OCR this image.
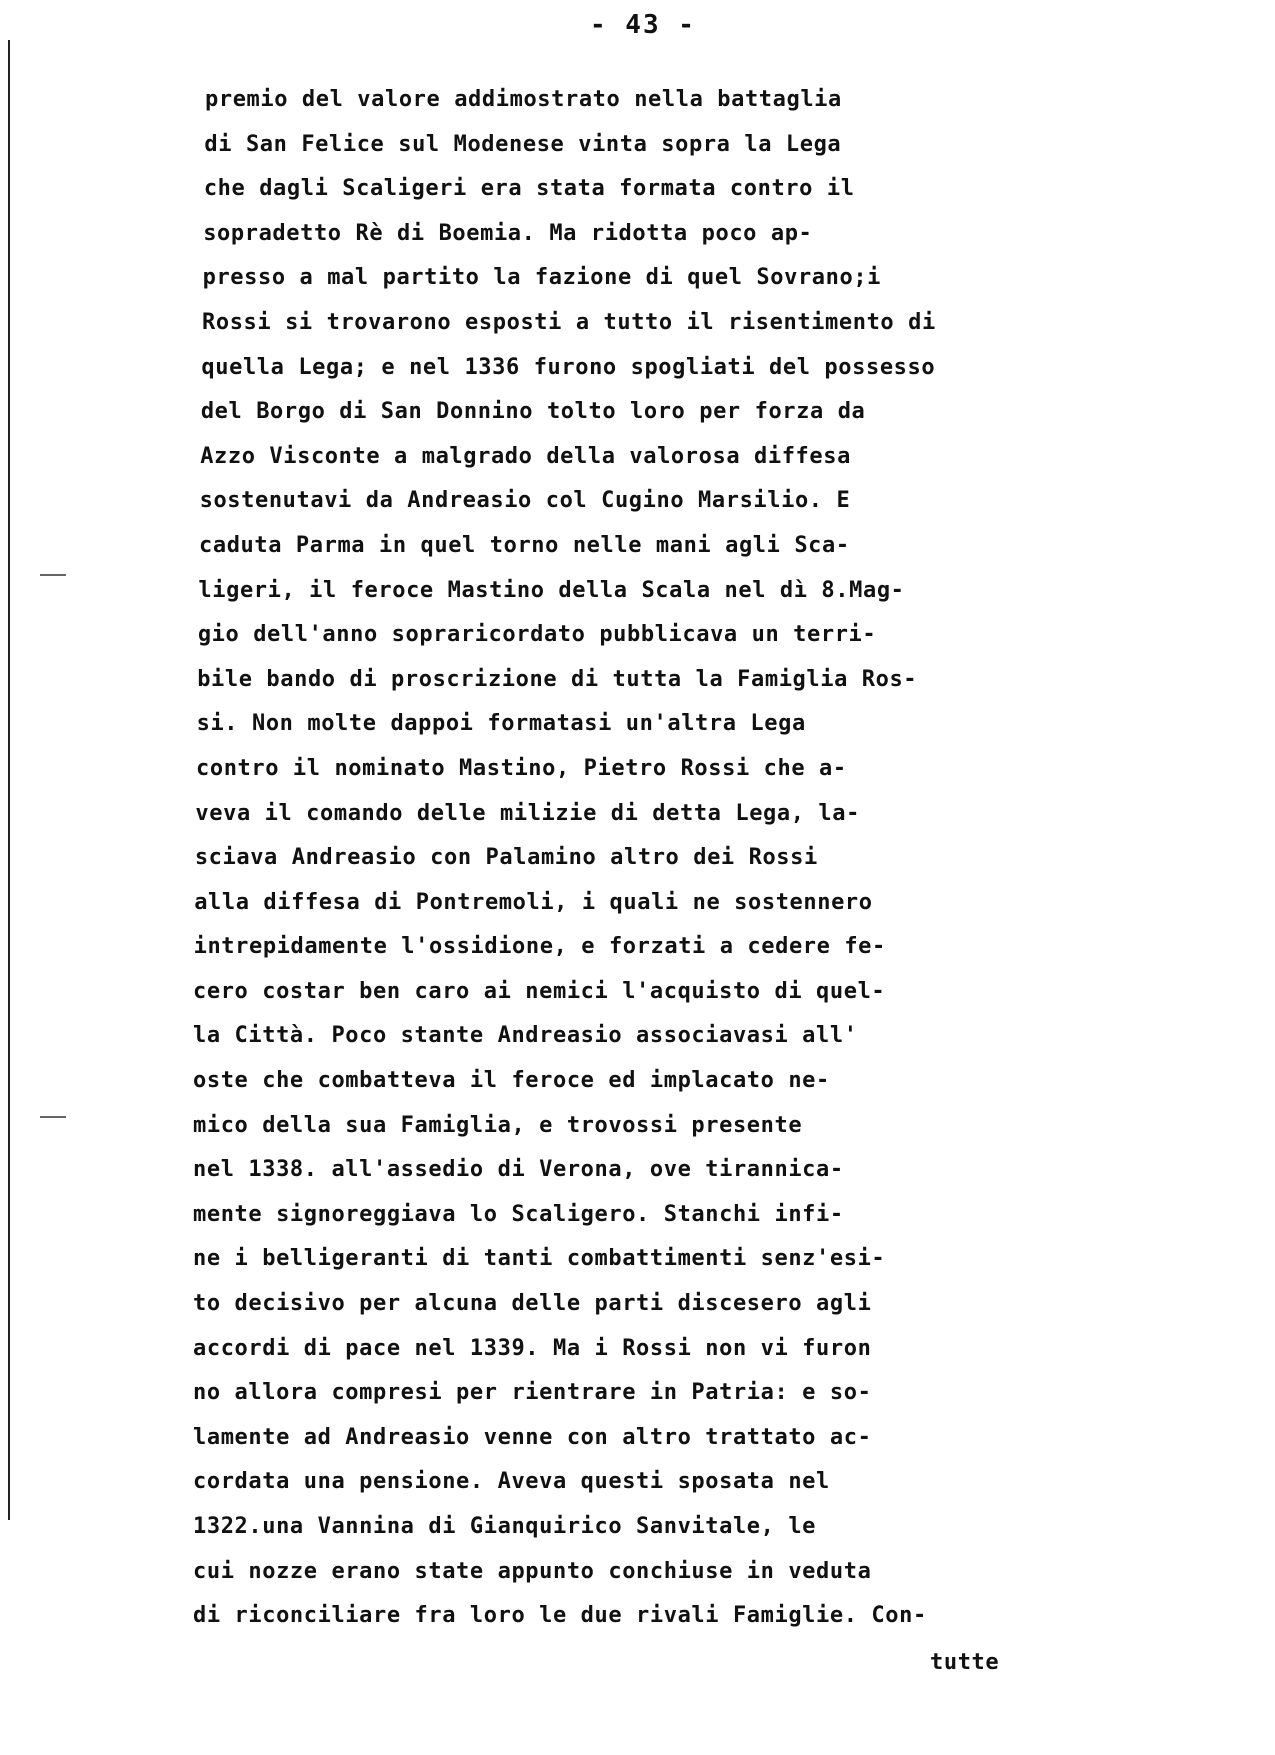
- 43 -
premio del valore addimostrato nella battaglia
di San Felice sul Modenese vinta sopra la Lega
che dagli Scaligeri era stata formata contro il
sopradetto Rè di Boemia. Ma ridotta poco ap-
presso a mal partito la fazione di quel Sovrano;i
Rossi si trovarono esposti a tutto il risentimento di
quella Lega; e nel 1336 furono spogliati del possesso
del Borgo di San Donnino tolto loro per forza da
Azzo Visconte a malgrado della valorosa diffesa
sostenutavi da Andreasio col Cugino Marsilio. E
caduta Parma in quel torno nelle mani agli Sca-
ligeri, il feroce Mastino della Scala nel dì 8.Mag-
gio dell'anno sopraricordato pubblicava un terri-
bile bando di proscrizione di tutta la Famiglia Ros-
si. Non molte dappoi formatasi un'altra Lega
contro il nominato Mastino, Pietro Rossi che a-
veva il comando delle milizie di detta Lega, la-
sciava Andreasio con Palamino altro dei Rossi
alla diffesa di Pontremoli, i quali ne sostennero
intrepidamente l'ossidione, e forzati a cedere fe-
cero costar ben caro ai nemici l'acquisto di quel-
la Città. Poco stante Andreasio associavasi all'
oste che combatteva il feroce ed implacato ne-
mico della sua Famiglia, e trovossi presente
nel 1338. all'assedio di Verona, ove tirannica-
mente signoreggiava lo Scaligero. Stanchi infi-
ne i belligeranti di tanti combattimenti senz'esi-
to decisivo per alcuna delle parti discesero agli
accordi di pace nel 1339. Ma i Rossi non vi furon
no allora compresi per rientrare in Patria: e so-
lamente ad Andreasio venne con altro trattato ac-
cordata una pensione. Aveva questi sposata nel
1322.una Vannina di Gianquirico Sanvitale, le
cui nozze erano state appunto conchiuse in veduta
di riconciliare fra loro le due rivali Famiglie. Con-
tutte
